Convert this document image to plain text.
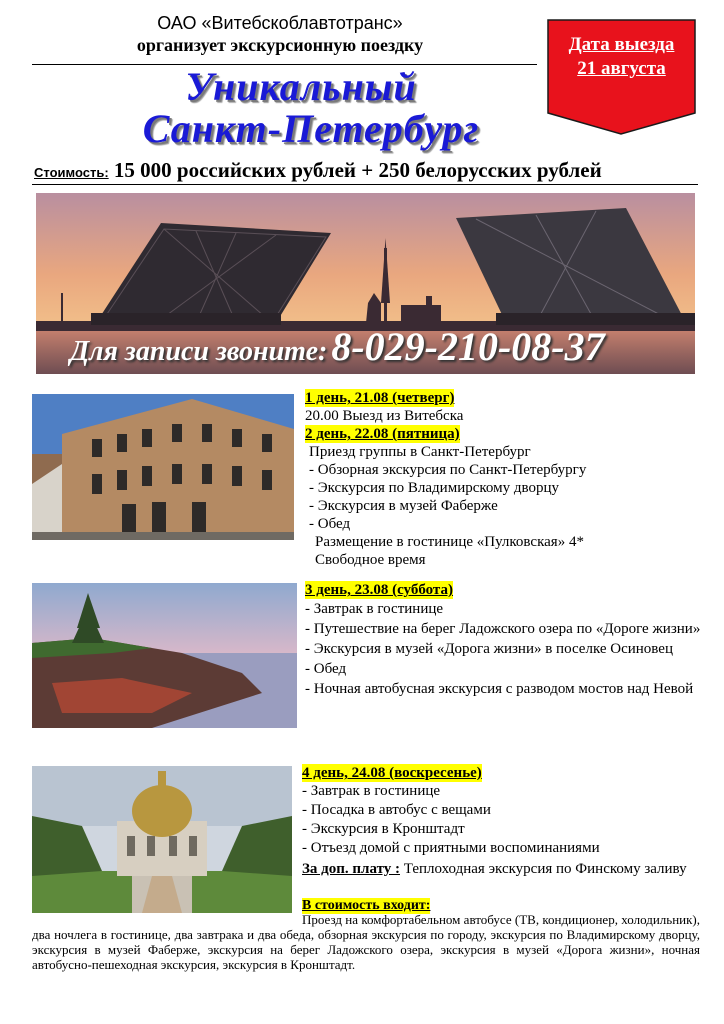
ОАО «Витебскоблавтотранс»
организует экскурсионную поездку
Уникальный
Санкт-Петербург
Дата выезда
21 августа
Стоимость: 15 000 российских рублей + 250 белорусских рублей
Для записи звоните: 8-029-210-08-37
1 день, 21.08 (четверг)
20.00 Выезд из Витебска
2 день, 22.08 (пятница)
Приезд группы в Санкт-Петербург
- Обзорная экскурсия по Санкт-Петербургу
- Экскурсия по Владимирскому дворцу
- Экскурсия в музей Фаберже
- Обед
Размещение в гостинице «Пулковская» 4*
Свободное время
3 день, 23.08 (суббота)
- Завтрак в гостинице
- Путешествие на берег Ладожского озера по «Дороге жизни»
- Экскурсия в музей «Дорога жизни» в поселке Осиновец
- Обед
- Ночная автобусная экскурсия с разводом мостов над Невой
4 день, 24.08 (воскресенье)
- Завтрак в гостинице
- Посадка в автобус с вещами
- Экскурсия в Кронштадт
- Отъезд домой с приятными воспоминаниями
За доп. плату : Теплоходная экскурсия по Финскому заливу
В стоимость входит:
Проезд на комфортабельном автобусе (ТВ, кондиционер, холодильник), два ночлега в гостинице, два завтрака и два обеда, обзорная экскурсия по городу, экскурсия по Владимирскому дворцу, экскурсия в музей Фаберже, экскурсия на берег Ладожского озера, экскурсия в музей «Дорога жизни», ночная автобусно-пешеходная экскурсия, экскурсия в Кронштадт.
